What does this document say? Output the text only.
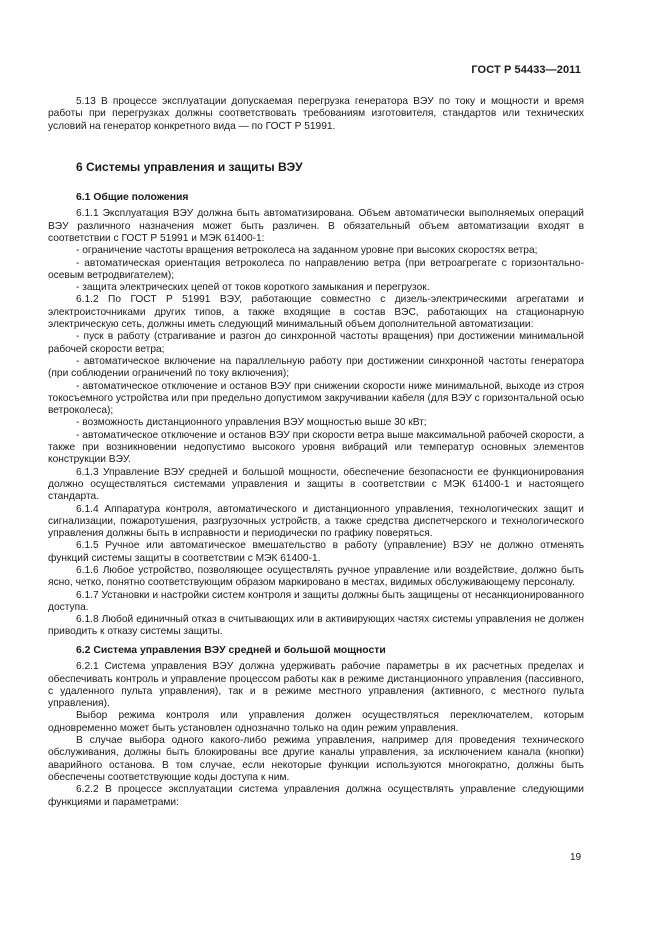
ГОСТ Р 54433—2011

5.13 В процессе эксплуатации допускаемая перегрузка генератора ВЭУ по току и мощности и время работы при перегрузках должны соответствовать требованиям изготовителя, стандартов или технических условий на генератор конкретного вида — по ГОСТ Р 51991.

6 Системы управления и защиты ВЭУ
6.1 Общие положения

6.1.1 Эксплуатация ВЭУ должна быть автоматизирована. Объем автоматически выполняемых операций ВЭУ различного назначения может быть различен. В обязательный объем автоматизации входят в соответствии с ГОСТ Р 51991 и МЭК 61400-1:

- ограничение частоты вращения ветроколеса на заданном уровне при высоких скоростях ветра;

- автоматическая ориентация ветроколеса по направлению ветра (при ветроагрегате с горизонтально-осевым ветродвигателем);

- защита электрических цепей от токов короткого замыкания и перегрузок.

6.1.2 По ГОСТ Р 51991 ВЭУ, работающие совместно с дизель-электрическими агрегатами и электроисточниками других типов, а также входящие в состав ВЭС, работающих на стационарную электрическую сеть, должны иметь следующий минимальный объем дополнительной автоматизации:

- пуск в работу (страгивание и разгон до синхронной частоты вращения) при достижении минимальной рабочей скорости ветра;

- автоматическое включение на параллельную работу при достижении синхронной частоты генератора (при соблюдении ограничений по току включения);

- автоматическое отключение и останов ВЭУ при снижении скорости ниже минимальной, выходе из строя токосъемного устройства или при предельно допустимом закручивании кабеля (для ВЭУ с горизонтальной осью ветроколеса);

- возможность дистанционного управления ВЭУ мощностью выше 30 кВт;

- автоматическое отключение и останов ВЭУ при скорости ветра выше максимальной рабочей скорости, а также при возникновении недопустимо высокого уровня вибраций или температур основных элементов конструкции ВЭУ.

6.1.3 Управление ВЭУ средней и большой мощности, обеспечение безопасности ее функционирования должно осуществляться системами управления и защиты в соответствии с МЭК 61400-1 и настоящего стандарта.

6.1.4 Аппаратура контроля, автоматического и дистанционного управления, технологических защит и сигнализации, пожаротушения, разгрузочных устройств, а также средства диспетчерского и технологического управления должны быть в исправности и периодически по графику поверяться.

6.1.5 Ручное или автоматическое вмешательство в работу (управление) ВЭУ не должно отменять функций системы защиты в соответствии с МЭК 61400-1.

6.1.6 Любое устройство, позволяющее осуществлять ручное управление или воздействие, должно быть ясно, четко, понятно соответствующим образом маркировано в местах, видимых обслуживающему персоналу.

6.1.7 Установки и настройки систем контроля и защиты должны быть защищены от несанкционированного доступа.

6.1.8 Любой единичный отказ в считывающих или в активирующих частях системы управления не должен приводить к отказу системы защиты.

6.2 Система управления ВЭУ средней и большой мощности

6.2.1 Система управления ВЭУ должна удерживать рабочие параметры в их расчетных пределах и обеспечивать контроль и управление процессом работы как в режиме дистанционного управления (пассивного, с удаленного пульта управления), так и в режиме местного управления (активного, с местного пульта управления).

Выбор режима контроля или управления должен осуществляться переключателем, которым одновременно может быть установлен однозначно только на один режим управления.

В случае выбора одного какого-либо режима управления, например для проведения технического обслуживания, должны быть блокированы все другие каналы управления, за исключением канала (кнопки) аварийного останова. В том случае, если некоторые функции используются многократно, должны быть обеспечены соответствующие коды доступа к ним.

6.2.2 В процессе эксплуатации система управления должна осуществлять управление следующими функциями и параметрами:

19
